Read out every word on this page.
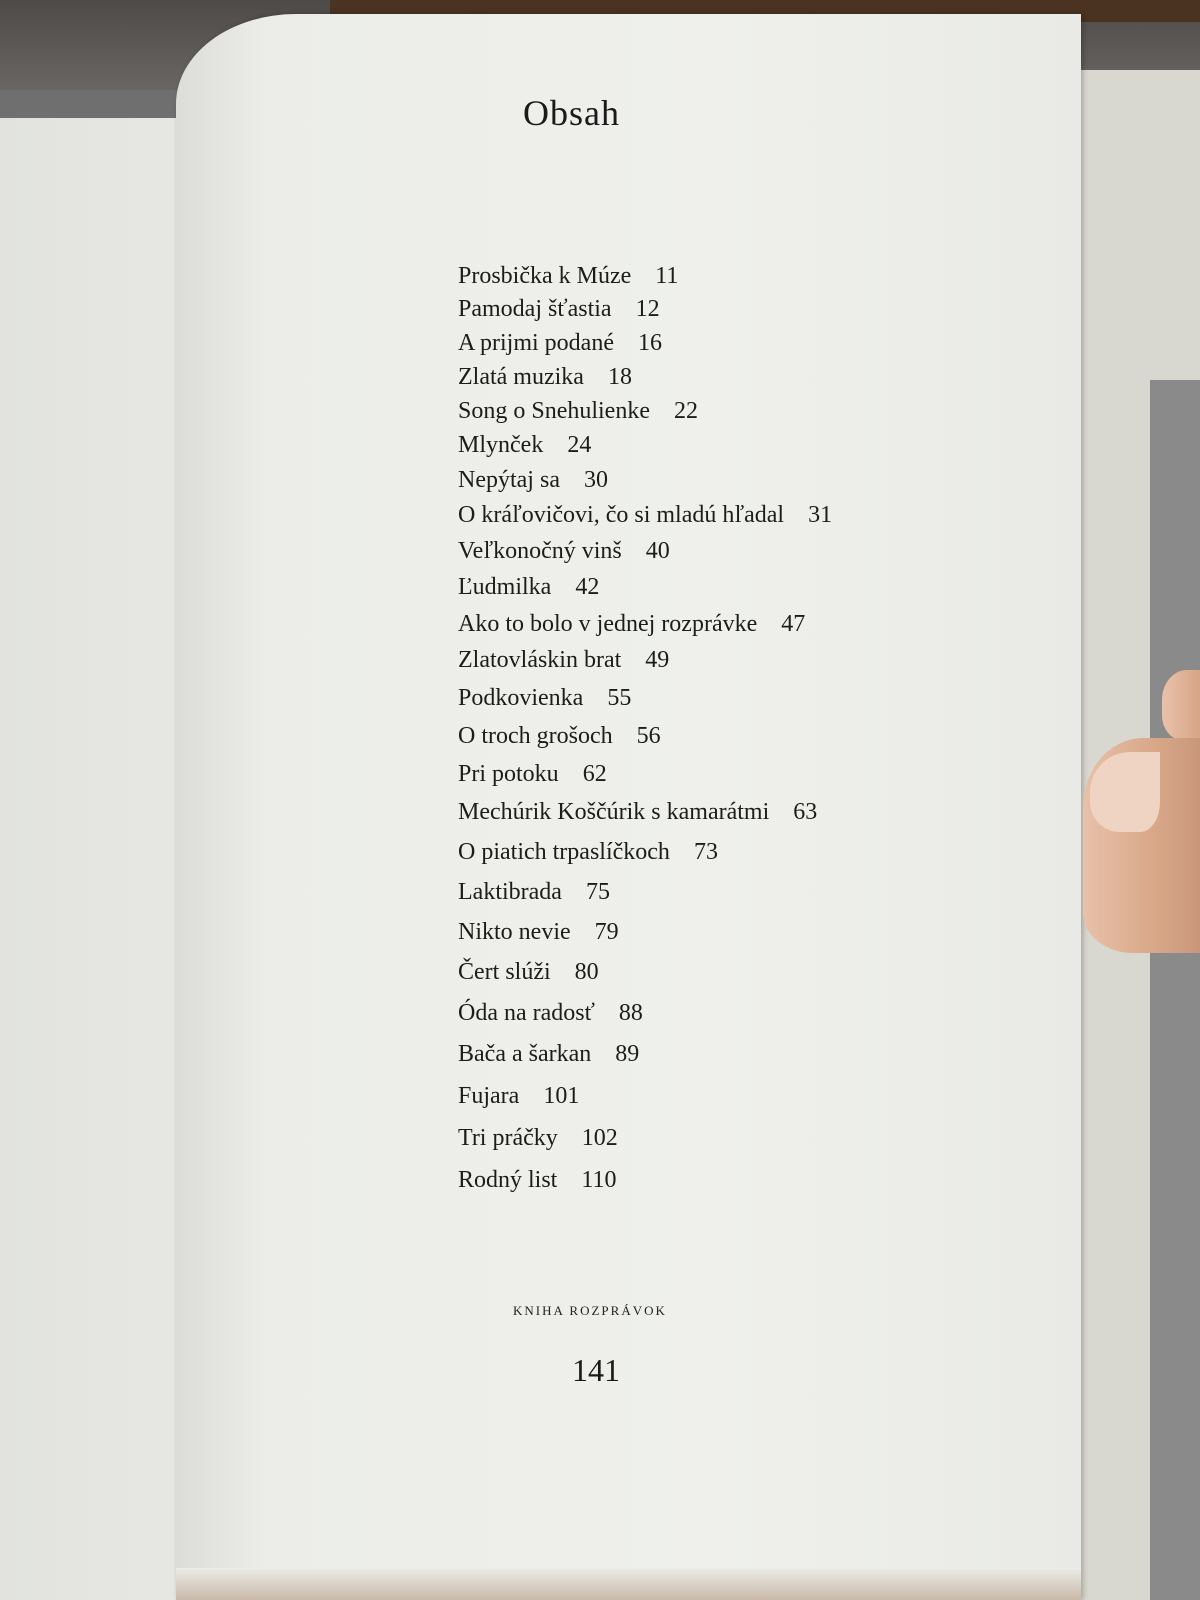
Obsah
Prosbička k Múze 11
Pamodaj šťastia 12
A prijmi podané 16
Zlatá muzika 18
Song o Snehulienke 22
Mlynček 24
Nepýtaj sa 30
O kráľovičovi, čo si mladú hľadal 31
Veľkonočný vinš 40
Ľudmilka 42
Ako to bolo v jednej rozprávke 47
Zlatovláskin brat 49
Podkovienka 55
O troch grošoch 56
Pri potoku 62
Mechúrik Koščúrik s kamarátmi 63
O piatich trpaslíčkoch 73
Laktibrada 75
Nikto nevie 79
Čert slúži 80
Óda na radosť 88
Bača a šarkan 89
Fujara 101
Tri práčky 102
Rodný list 110
KNIHA ROZPRÁVOK
141
